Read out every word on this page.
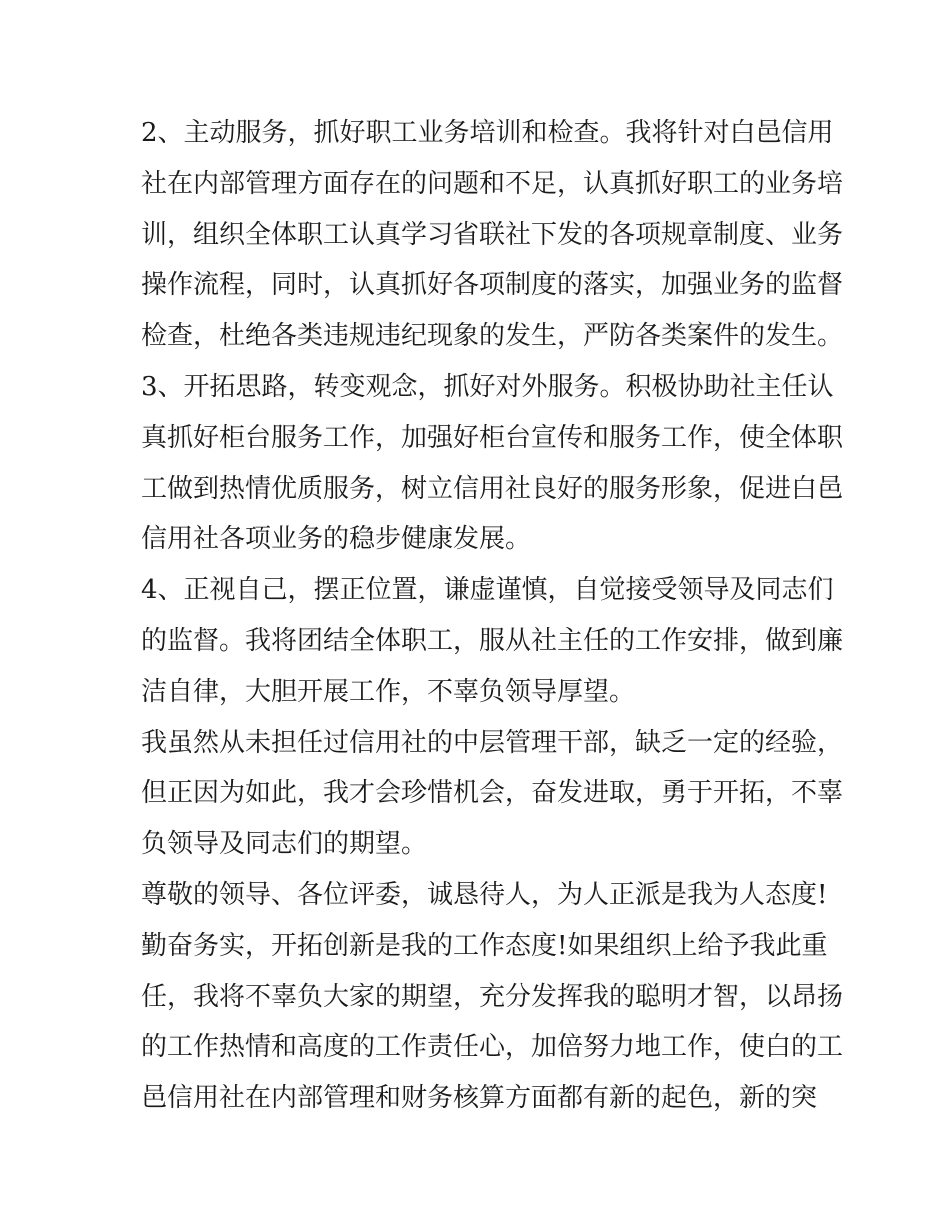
2、主动服务，抓好职工业务培训和检查。我将针对白邑信用
社在内部管理方面存在的问题和不足，认真抓好职工的业务培
训，组织全体职工认真学习省联社下发的各项规章制度、业务
操作流程，同时，认真抓好各项制度的落实，加强业务的监督
检查，杜绝各类违规违纪现象的发生，严防各类案件的发生。
3、开拓思路，转变观念，抓好对外服务。积极协助社主任认
真抓好柜台服务工作，加强好柜台宣传和服务工作，使全体职
工做到热情优质服务，树立信用社良好的服务形象，促进白邑
信用社各项业务的稳步健康发展。
4、正视自己，摆正位置，谦虚谨慎，自觉接受领导及同志们
的监督。我将团结全体职工，服从社主任的工作安排，做到廉
洁自律，大胆开展工作，不辜负领导厚望。
我虽然从未担任过信用社的中层管理干部，缺乏一定的经验，
但正因为如此，我才会珍惜机会，奋发进取，勇于开拓，不辜
负领导及同志们的期望。
尊敬的领导、各位评委，诚恳待人，为人正派是我为人态度!
勤奋务实，开拓创新是我的工作态度!如果组织上给予我此重
任，我将不辜负大家的期望，充分发挥我的聪明才智，以昂扬
的工作热情和高度的工作责任心，加倍努力地工作，使白的工
邑信用社在内部管理和财务核算方面都有新的起色，新的突
